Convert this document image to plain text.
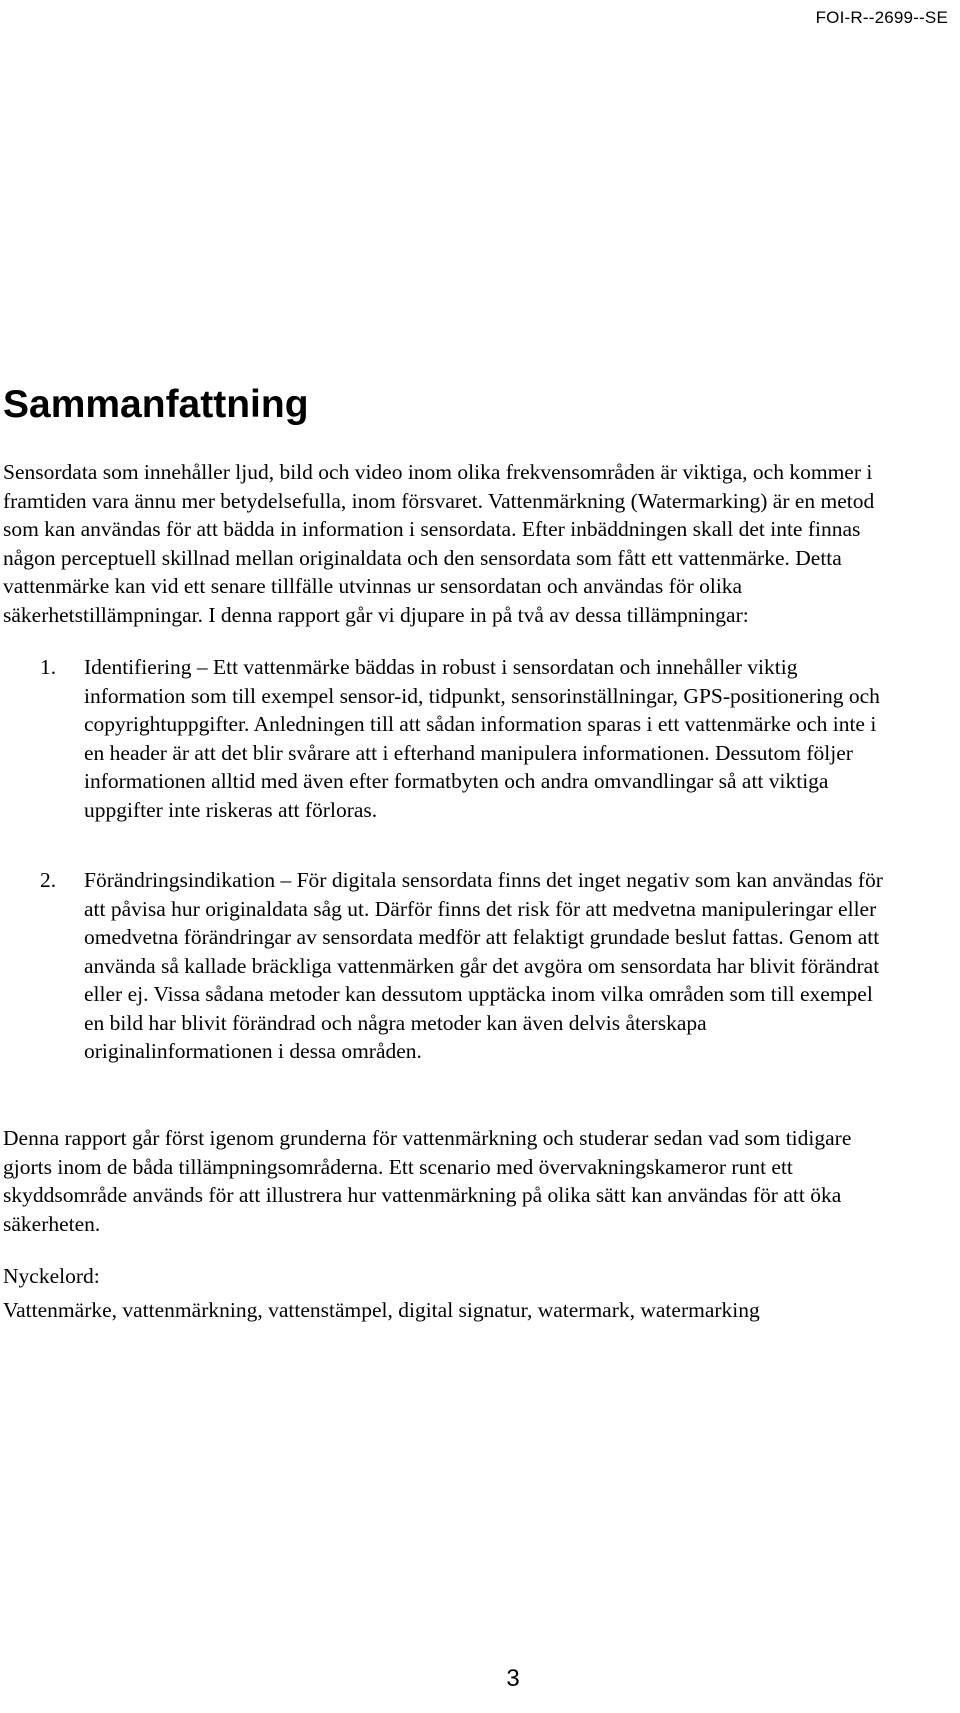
FOI-R--2699--SE
Sammanfattning

Sensordata som innehåller ljud, bild och video inom olika frekvensområden är viktiga, och kommer i framtiden vara ännu mer betydelsefulla, inom försvaret. Vattenmärkning (Watermarking) är en metod som kan användas för att bädda in information i sensordata. Efter inbäddningen skall det inte finnas någon perceptuell skillnad mellan originaldata och den sensordata som fått ett vattenmärke. Detta vattenmärke kan vid ett senare tillfälle utvinnas ur sensordatan och användas för olika säkerhetstillämpningar. I denna rapport går vi djupare in på två av dessa tillämpningar:

1. Identifiering – Ett vattenmärke bäddas in robust i sensordatan och innehåller viktig information som till exempel sensor-id, tidpunkt, sensorinställningar, GPS-positionering och copyrightuppgifter. Anledningen till att sådan information sparas i ett vattenmärke och inte i en header är att det blir svårare att i efterhand manipulera informationen. Dessutom följer informationen alltid med även efter formatbyten och andra omvandlingar så att viktiga uppgifter inte riskeras att förloras.

2. Förändringsindikation – För digitala sensordata finns det inget negativ som kan användas för att påvisa hur originaldata såg ut. Därför finns det risk för att medvetna manipuleringar eller omedvetna förändringar av sensordata medför att felaktigt grundade beslut fattas. Genom att använda så kallade bräckliga vattenmärken går det avgöra om sensordata har blivit förändrat eller ej. Vissa sådana metoder kan dessutom upptäcka inom vilka områden som till exempel en bild har blivit förändrad och några metoder kan även delvis återskapa originalinformationen i dessa områden.

Denna rapport går först igenom grunderna för vattenmärkning och studerar sedan vad som tidigare gjorts inom de båda tillämpningsområderna. Ett scenario med övervakningskameror runt ett skyddsområde används för att illustrera hur vattenmärkning på olika sätt kan användas för att öka säkerheten.

Nyckelord:

Vattenmärke, vattenmärkning, vattenstämpel, digital signatur, watermark, watermarking

3
